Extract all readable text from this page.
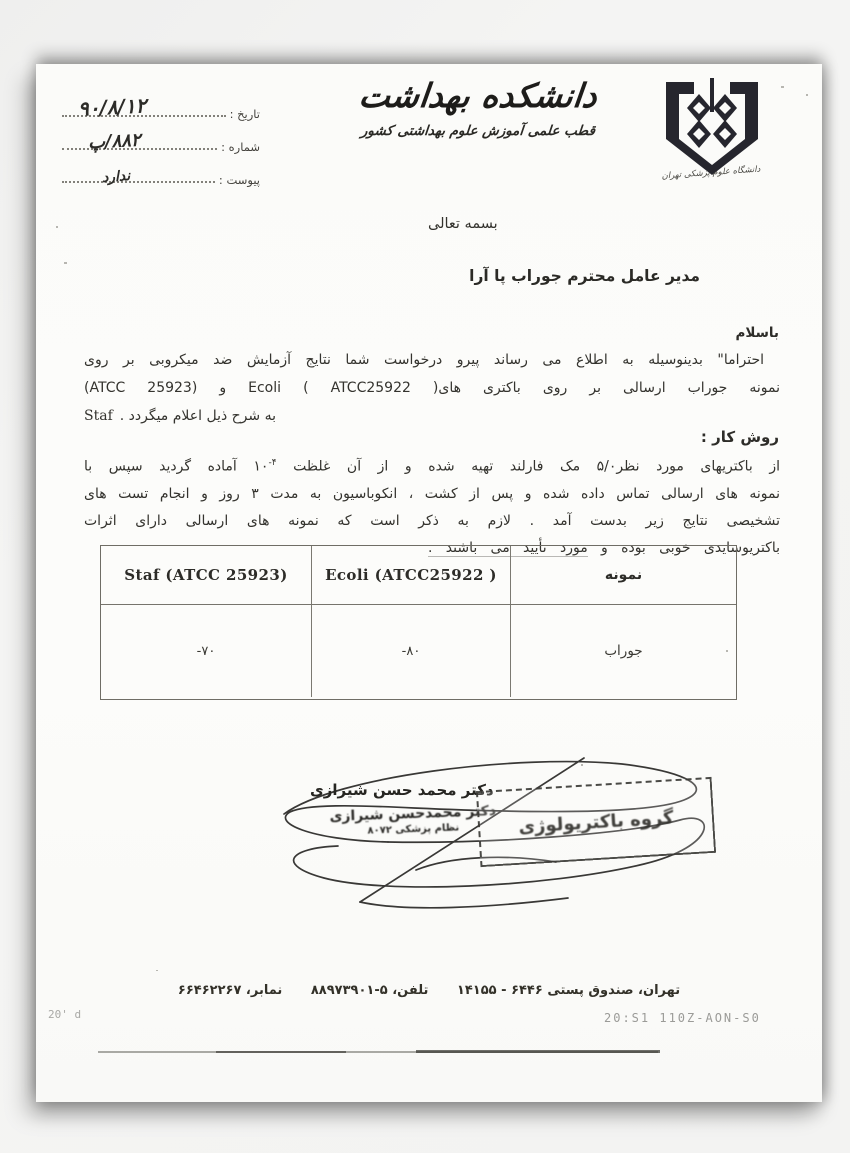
تاریخ :
۹۰/۸/۱۲
شماره :
۸۸۲/پ
پیوست :
ندارد
دانشکده بهداشت
قطب علمی آموزش علوم بهداشتی کشور
دانشگاه علوم پزشکی تهران
بسمه تعالی
مدیر عامل محترم جوراب پا آرا
باسلام
احتراما" بدینوسیله به اطلاع می رساند پیرو درخواست شما نتایج آزمایش ضد میکروبی بر روی
نمونه جوراب ارسالی بر روی باکتری های( Ecoli ( ATCC25922 و (ATCC 25923)
Staf به شرح ذیل اعلام میگردد .
روش کار :
از باکتریهای مورد نظر۵/۰ مک فارلند تهیه شده و از آن غلظت $۱۰^{-۴}$ آماده گردید سپس با
نمونه های ارسالی تماس داده شده و پس از کشت ، انکوباسیون به مدت ۳ روز و انجام تست های
تشخیصی نتایج زیر بدست آمد . لازم به ذکر است که نمونه های ارسالی دارای اثرات
باکتریوسایدی خوبی بوده و مورد تأیید می باشند .
Staf (ATCC 25923)	Ecoli (ATCC25922 )	نمونه
-۷۰	-۸۰	جوراب
دکتر محمد حسن شیرازی
دکتر محمدحسن شیرازی
نظام پزشکی ۸۰۷۲	گروه باکتریولوژی
تهران، صندوق پستی ۶۴۴۶ - ۱۴۱۵۵ تلفن، ۵-۸۸۹۷۳۹۰۱ نمابر، ۶۶۴۶۲۲۶۷
20:S1 110Z-AON-S0
20' d
